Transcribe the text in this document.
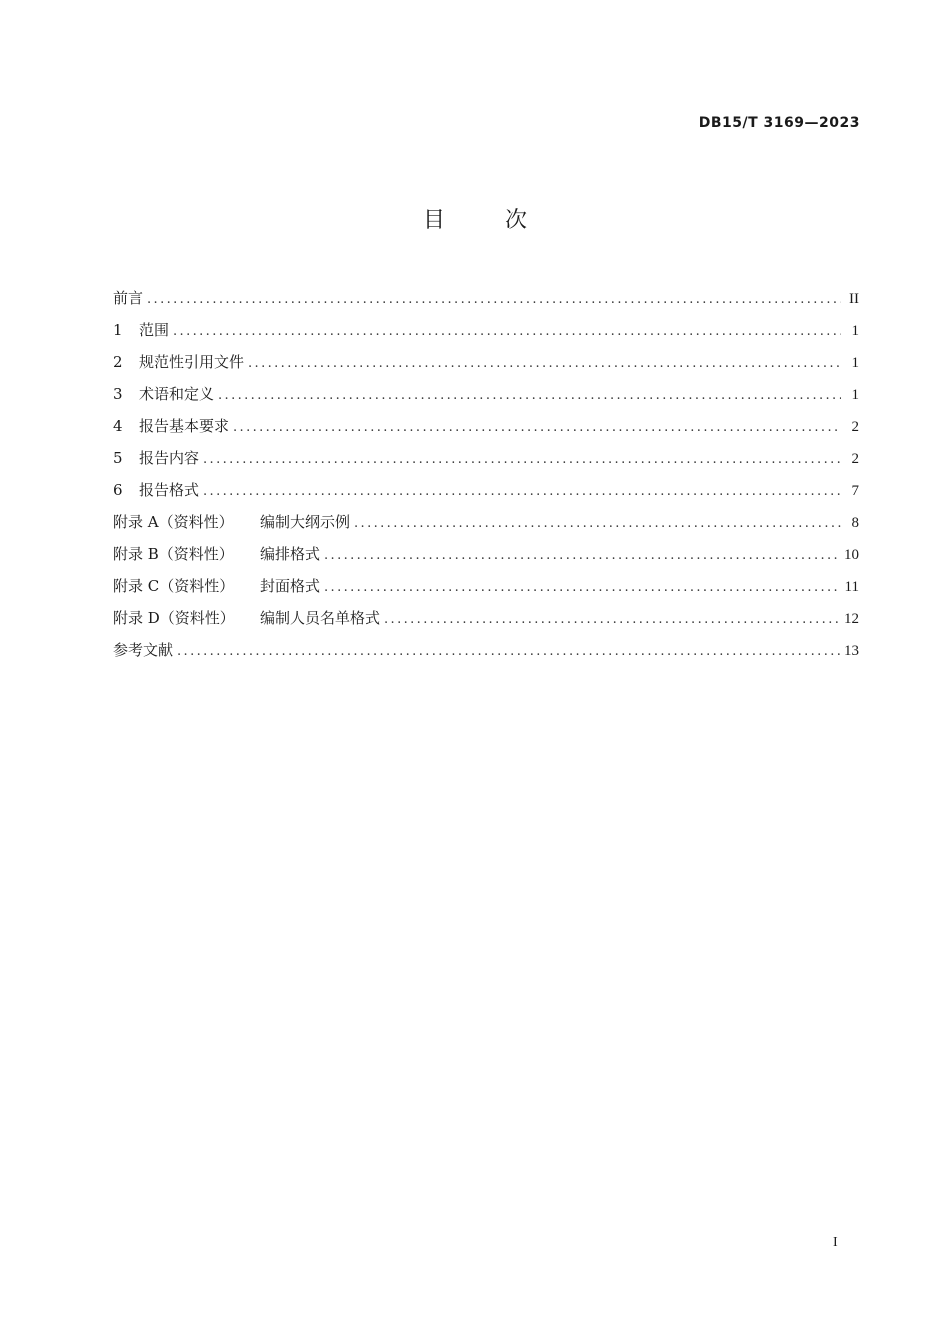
DB15/T 3169—2023
目	次
前言 .....	II
1 范围 .....	1
2 规范性引用文件 .....	1
3 术语和定义 .....	1
4 报告基本要求 .....	2
5 报告内容 .....	2
6 报告格式 .....	7
附录 A（资料性） 编制大纲示例 .....	8
附录 B（资料性） 编排格式 .....	10
附录 C（资料性） 封面格式 .....	11
附录 D（资料性） 编制人员名单格式 .....	12
参考文献 .....	13
I
